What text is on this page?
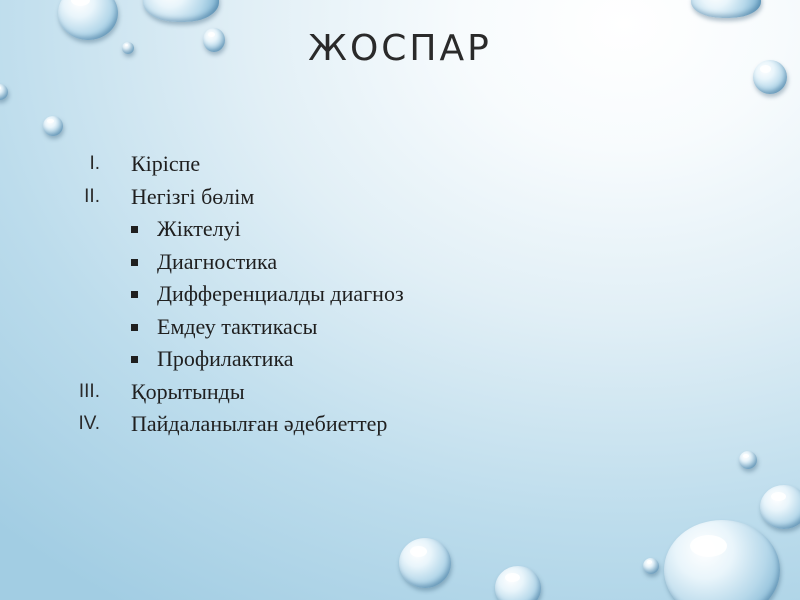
ЖОСПАР
I. Кіріспе
II. Негізгі бөлім
Жіктелуі
Диагностика
Дифференциалды диагноз
Емдеу тактикасы
Профилактика
III. Қорытынды
IV. Пайдаланылған әдебиеттер
